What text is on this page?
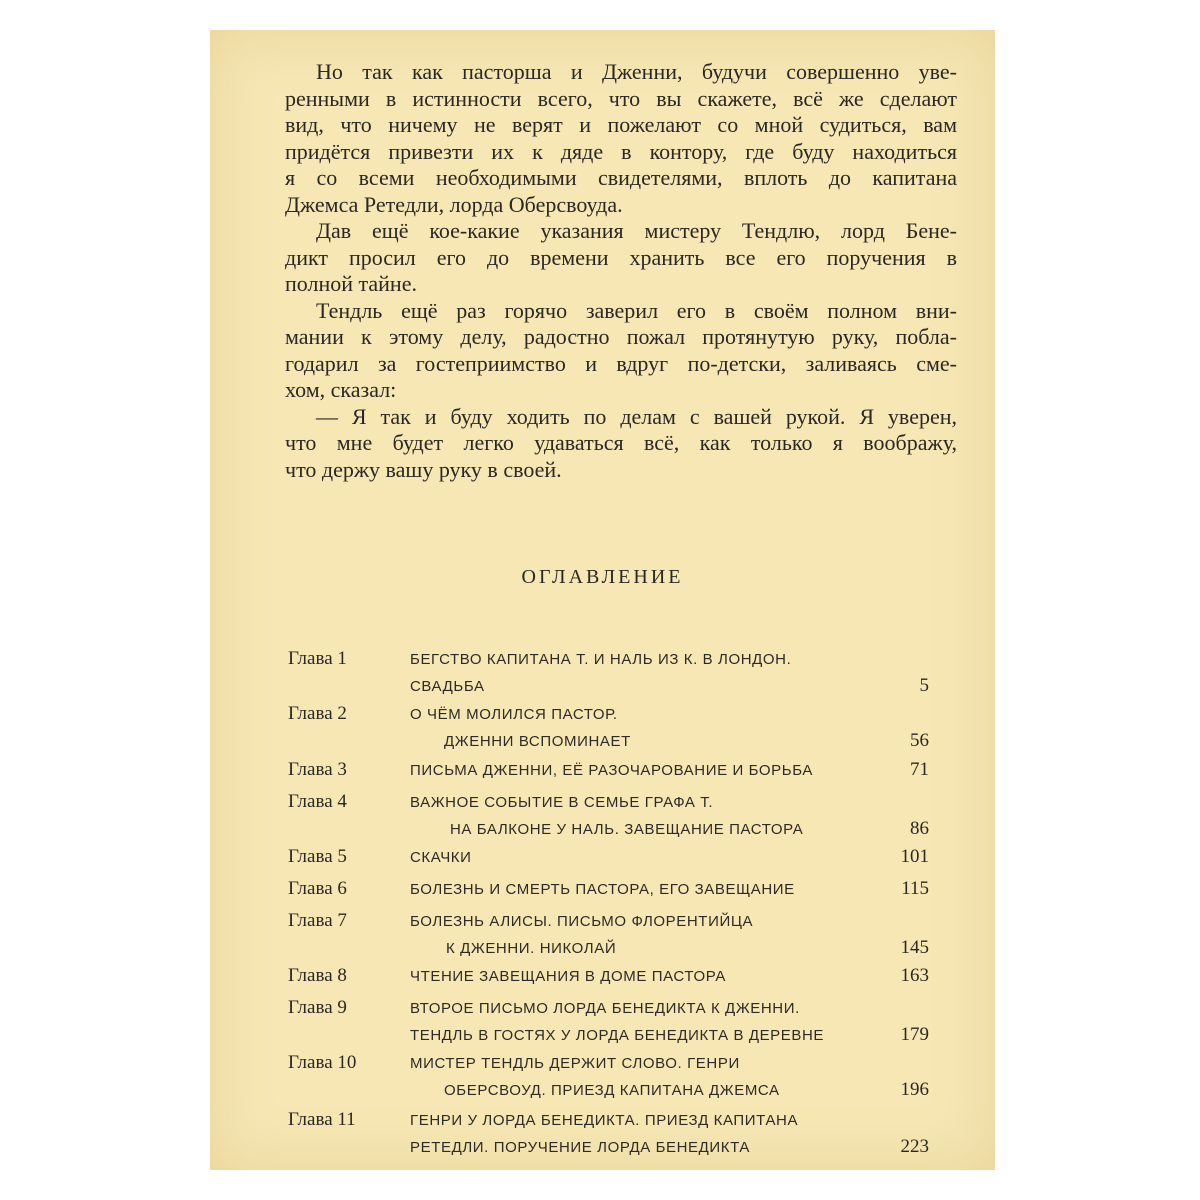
Но так как пасторша и Дженни, будучи совершенно уве-
ренными в истинности всего, что вы скажете, всё же сделают
вид, что ничему не верят и пожелают со мной судиться, вам
придётся привезти их к дяде в контору, где буду находиться
я со всеми необходимыми свидетелями, вплоть до капитана
Джемса Ретедли, лорда Оберсвоуда.

Дав ещё кое-какие указания мистеру Тендлю, лорд Бене-
дикт просил его до времени хранить все его поручения в
полной тайне.

Тендль ещё раз горячо заверил его в своём полном вни-
мании к этому делу, радостно пожал протянутую руку, побла-
годарил за гостеприимство и вдруг по-детски, заливаясь сме-
хом, сказал:

— Я так и буду ходить по делам с вашей рукой. Я уверен,
что мне будет легко удаваться всё, как только я воображу,
что держу вашу руку в своей.

ОГЛАВЛЕНИЕ
Глава 1	БЕГСТВО КАПИТАНА Т. И НАЛЬ ИЗ К. В ЛОНДОН.
СВАДЬБА	5
Глава 2	О ЧЁМ МОЛИЛСЯ ПАСТОР.
ДЖЕННИ ВСПОМИНАЕТ	56
Глава 3	ПИСЬМА ДЖЕННИ, ЕЁ РАЗОЧАРОВАНИЕ И БОРЬБА	71
Глава 4	ВАЖНОЕ СОБЫТИЕ В СЕМЬЕ ГРАФА Т.
НА БАЛКОНЕ У НАЛЬ. ЗАВЕЩАНИЕ ПАСТОРА	86
Глава 5	СКАЧКИ	101
Глава 6	БОЛЕЗНЬ И СМЕРТЬ ПАСТОРА, ЕГО ЗАВЕЩАНИЕ	115
Глава 7	БОЛЕЗНЬ АЛИСЫ. ПИСЬМО ФЛОРЕНТИЙЦА
К ДЖЕННИ. НИКОЛАЙ	145
Глава 8	ЧТЕНИЕ ЗАВЕЩАНИЯ В ДОМЕ ПАСТОРА	163
Глава 9	ВТОРОЕ ПИСЬМО ЛОРДА БЕНЕДИКТА К ДЖЕННИ.
ТЕНДЛЬ В ГОСТЯХ У ЛОРДА БЕНЕДИКТА В ДЕРЕВНЕ	179
Глава 10	МИСТЕР ТЕНДЛЬ ДЕРЖИТ СЛОВО. ГЕНРИ
ОБЕРСВОУД. ПРИЕЗД КАПИТАНА ДЖЕМСА	196
Глава 11	ГЕНРИ У ЛОРДА БЕНЕДИКТА. ПРИЕЗД КАПИТАНА
РЕТЕДЛИ. ПОРУЧЕНИЕ ЛОРДА БЕНЕДИКТА	223
